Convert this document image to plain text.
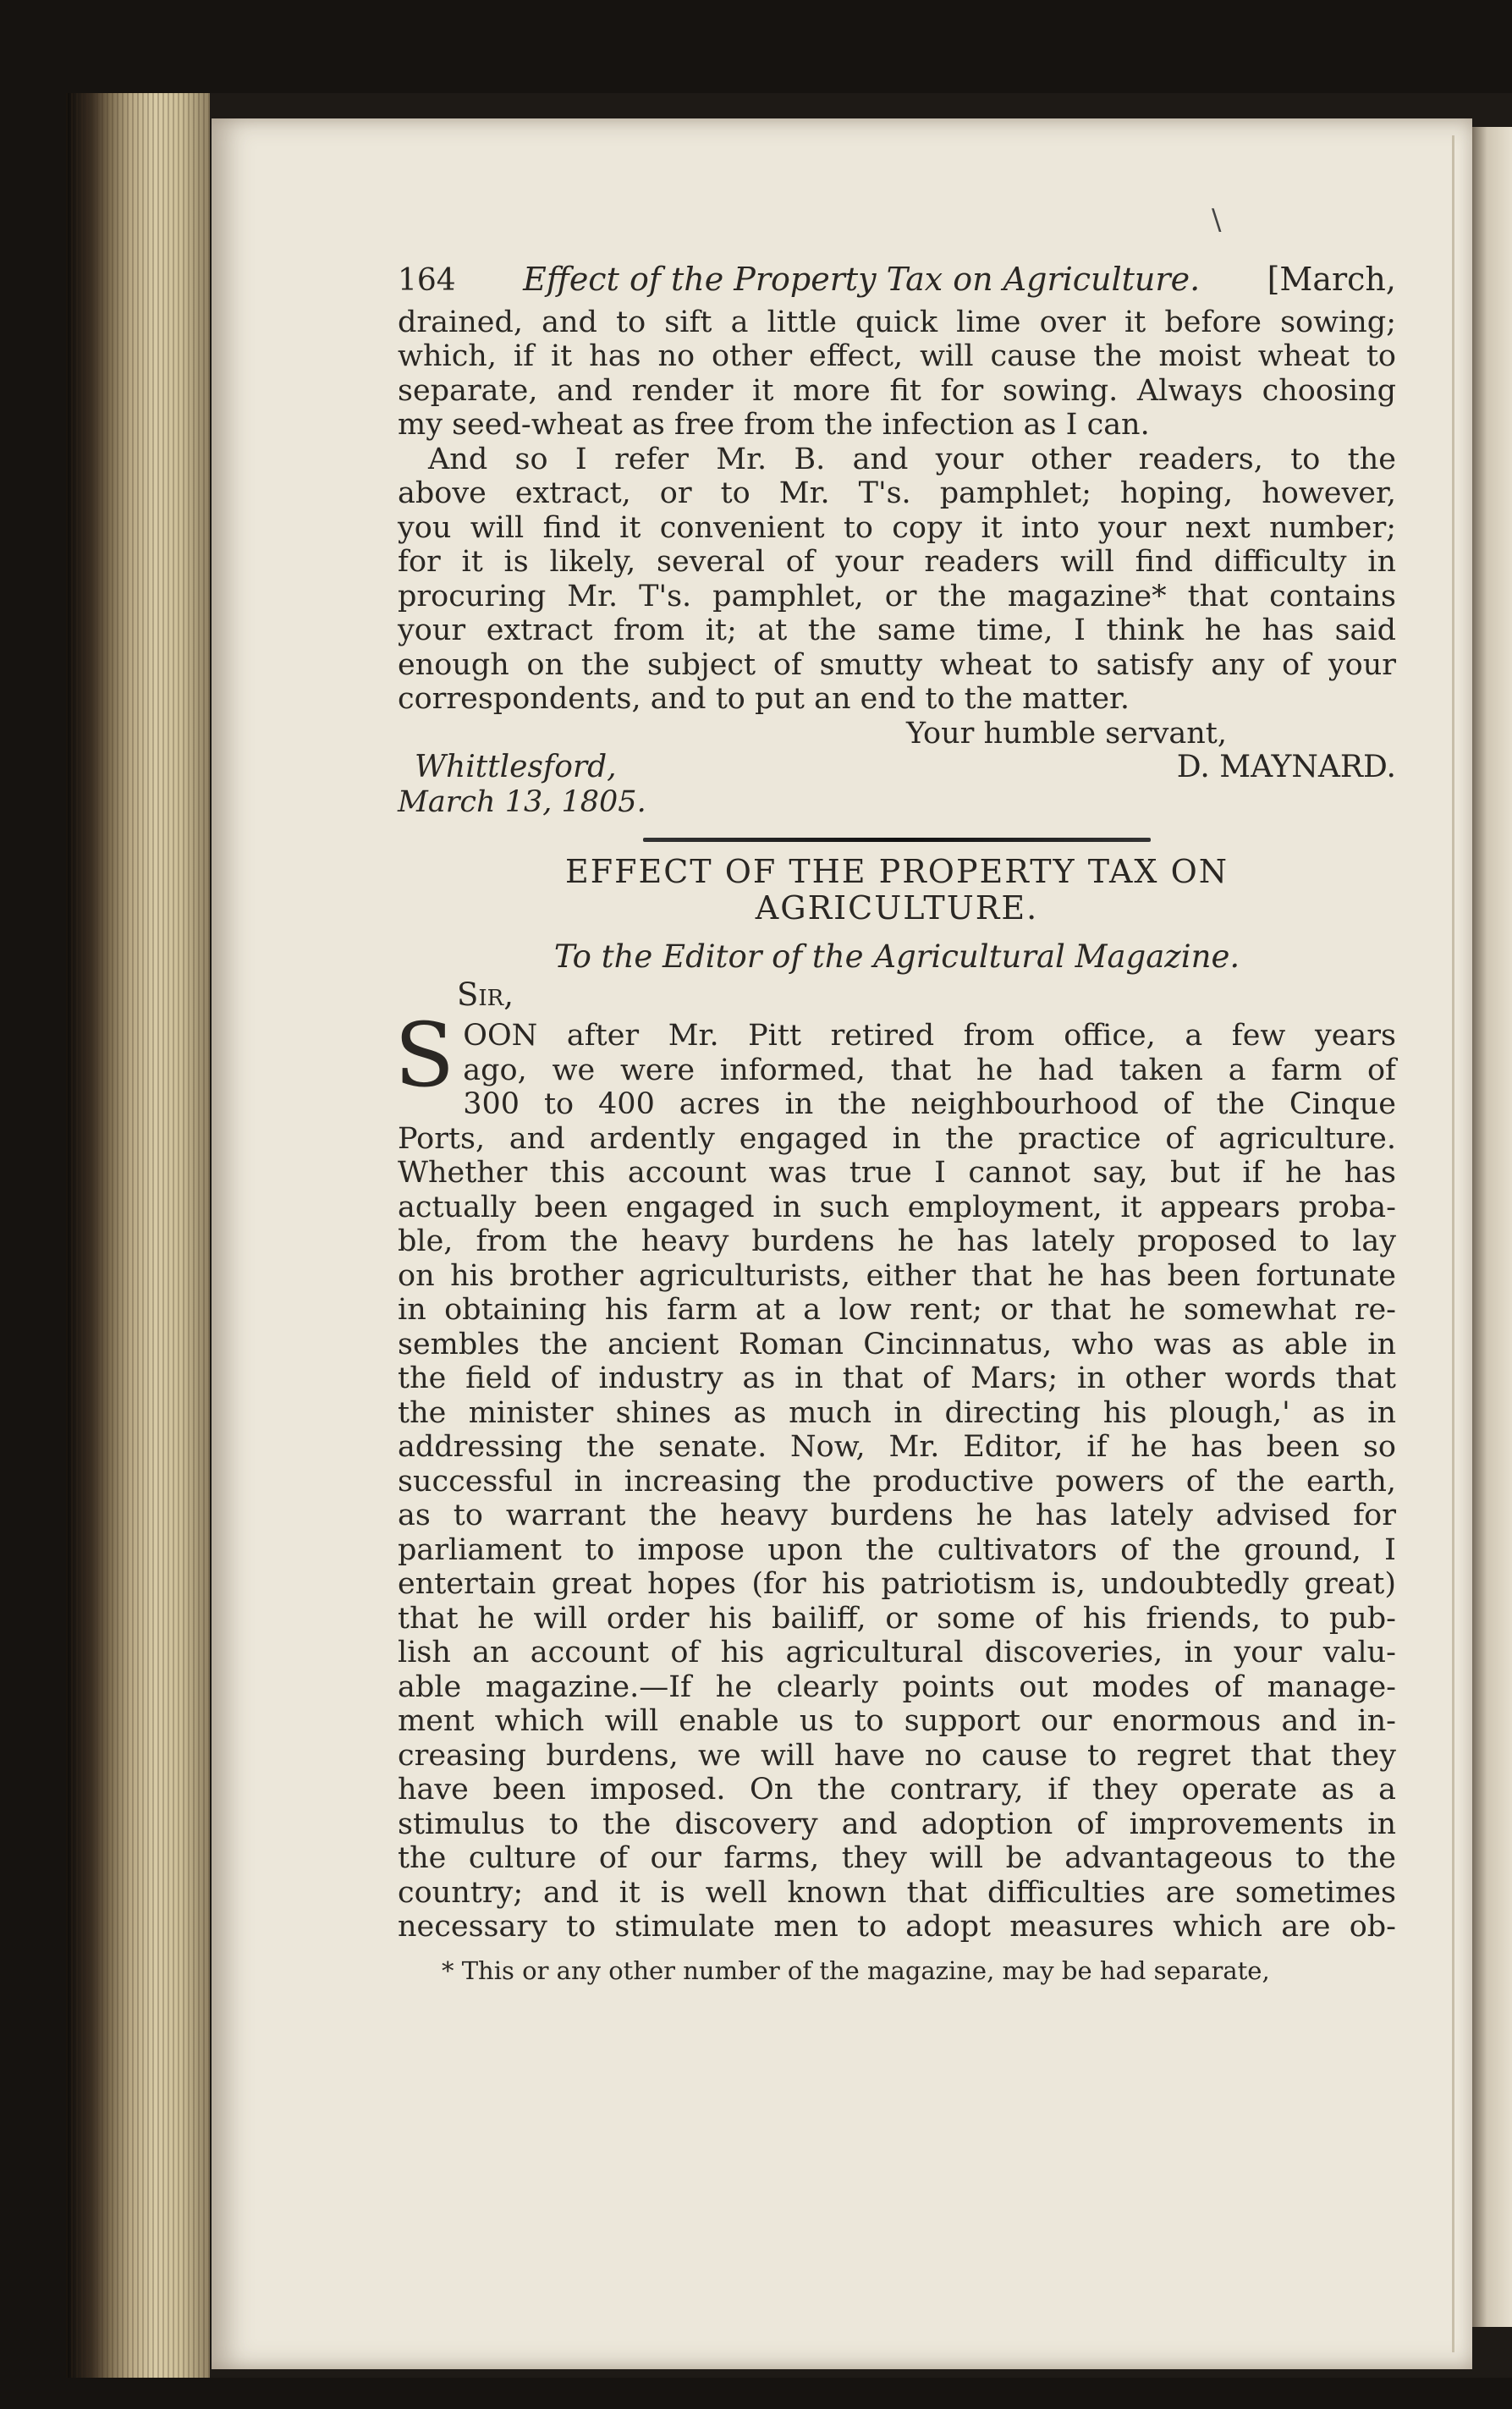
\
164 Effect of the Property Tax on Agriculture. [March,

drained, and to sift a little quick lime over it before sowing;

which, if it has no other effect, will cause the moist wheat to

separate, and render it more fit for sowing. Always choosing

my seed-wheat as free from the infection as I can.

And so I refer Mr. B. and your other readers, to the

above extract, or to Mr. T's. pamphlet; hoping, however,

you will find it convenient to copy it into your next number;

for it is likely, several of your readers will find difficulty in

procuring Mr. T's. pamphlet, or the magazine* that contains

your extract from it; at the same time, I think he has said

enough on the subject of smutty wheat to satisfy any of your

correspondents, and to put an end to the matter.

Your humble servant,

Whittlesford,	D. MAYNARD.

March 13, 1805.

EFFECT OF THE PROPERTY TAX ON

AGRICULTURE.

To the Editor of the Agricultural Magazine.

Sir,

S OON after Mr. Pitt retired from office, a few years

ago, we were informed, that he had taken a farm of

300 to 400 acres in the neighbourhood of the Cinque

Ports, and ardently engaged in the practice of agriculture.

Whether this account was true I cannot say, but if he has

actually been engaged in such employment, it appears proba-

ble, from the heavy burdens he has lately proposed to lay

on his brother agriculturists, either that he has been fortunate

in obtaining his farm at a low rent; or that he somewhat re-

sembles the ancient Roman Cincinnatus, who was as able in

the field of industry as in that of Mars; in other words that

the minister shines as much in directing his plough,' as in

addressing the senate. Now, Mr. Editor, if he has been so

successful in increasing the productive powers of the earth,

as to warrant the heavy burdens he has lately advised for

parliament to impose upon the cultivators of the ground, I

entertain great hopes (for his patriotism is, undoubtedly great)

that he will order his bailiff, or some of his friends, to pub-

lish an account of his agricultural discoveries, in your valu-

able magazine.—If he clearly points out modes of manage-

ment which will enable us to support our enormous and in-

creasing burdens, we will have no cause to regret that they

have been imposed. On the contrary, if they operate as a

stimulus to the discovery and adoption of improvements in

the culture of our farms, they will be advantageous to the

country; and it is well known that difficulties are sometimes

necessary to stimulate men to adopt measures which are ob-

* This or any other number of the magazine, may be had separate,
